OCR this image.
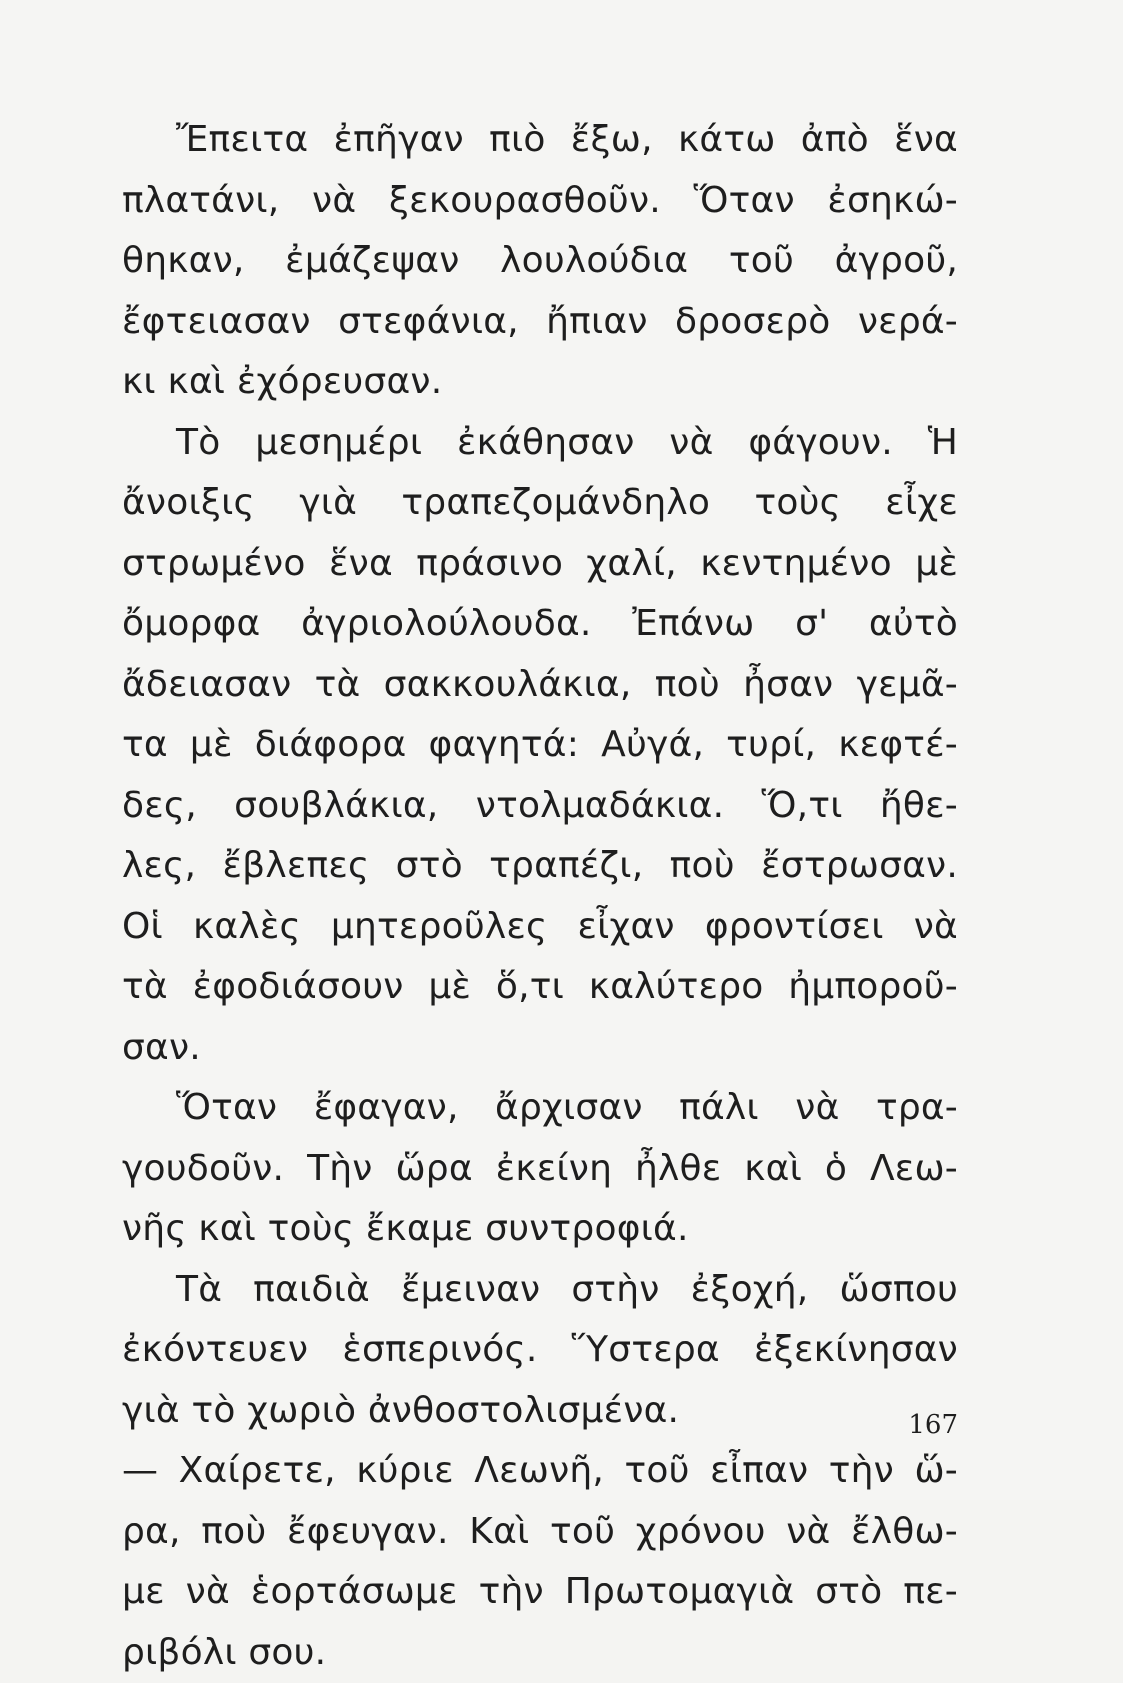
Ἔπειτα ἐπῆγαν πιὸ ἔξω, κάτω ἀπὸ ἕνα
πλατάνι, νὰ ξεκουρασθοῦν. Ὅταν ἐσηκώ-
θηκαν, ἐμάζεψαν λουλούδια τοῦ ἀγροῦ,
ἔφτειασαν στεφάνια, ἤπιαν δροσερὸ νερά-
κι καὶ ἐχόρευσαν.
Τὸ μεσημέρι ἐκάθησαν νὰ φάγουν. Ἡ
ἄνοιξις γιὰ τραπεζομάνδηλο τοὺς εἶχε
στρωμένο ἕνα πράσινο χαλί, κεντημένο μὲ
ὄμορφα ἀγριολούλουδα. Ἐπάνω σ' αὐτὸ
ἄδειασαν τὰ σακκουλάκια, ποὺ ἦσαν γεμᾶ-
τα μὲ διάφορα φαγητά: Αὐγά, τυρί, κεφτέ-
δες, σουβλάκια, ντολμαδάκια. Ὅ,τι ἤθε-
λες, ἔβλεπες στὸ τραπέζι, ποὺ ἔστρωσαν.
Οἱ καλὲς μητεροῦλες εἶχαν φροντίσει νὰ
τὰ ἐφοδιάσουν μὲ ὅ,τι καλύτερο ἠμποροῦ-
σαν.
Ὅταν ἔφαγαν, ἄρχισαν πάλι νὰ τρα-
γουδοῦν. Τὴν ὥρα ἐκείνη ἦλθε καὶ ὁ Λεω-
νῆς καὶ τοὺς ἔκαμε συντροφιά.
Τὰ παιδιὰ ἔμειναν στὴν ἐξοχή, ὥσπου
ἐκόντευεν ἑσπερινός. Ὕστερα ἐξεκίνησαν
γιὰ τὸ χωριὸ ἀνθοστολισμένα.
— Χαίρετε, κύριε Λεωνῆ, τοῦ εἶπαν τὴν ὥ-
ρα, ποὺ ἔφευγαν. Καὶ τοῦ χρόνου νὰ ἔλθω-
με νὰ ἑορτάσωμε τὴν Πρωτομαγιὰ στὸ πε-
ριβόλι σου.
167
